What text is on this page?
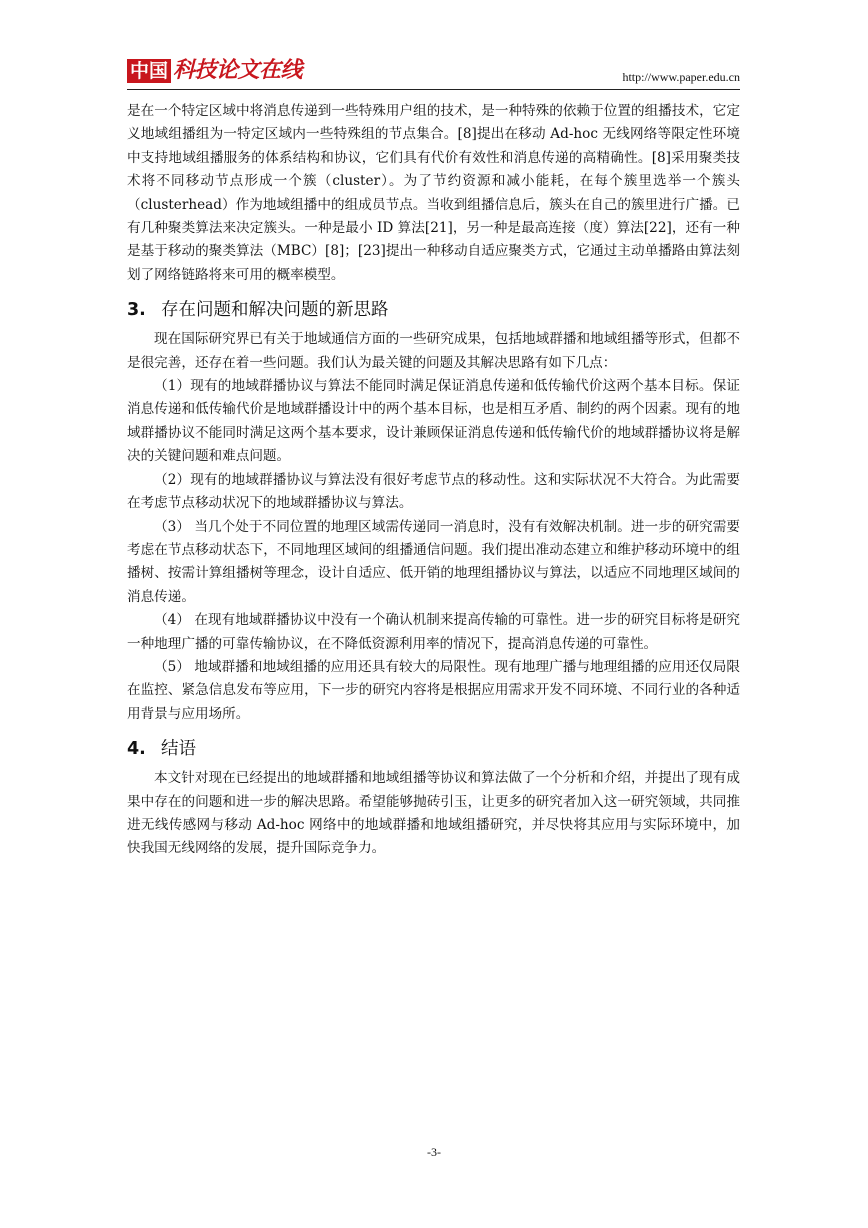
中国 科技论文在线	http://www.paper.edu.cn

是在一个特定区域中将消息传递到一些特殊用户组的技术，是一种特殊的依赖于位置的组播技术，它定义地域组播组为一特定区域内一些特殊组的节点集合。[8]提出在移动 Ad-hoc 无线网络等限定性环境中支持地域组播服务的体系结构和协议，它们具有代价有效性和消息传递的高精确性。[8]采用聚类技术将不同移动节点形成一个簇（cluster）。为了节约资源和减小能耗，在每个簇里选举一个簇头（clusterhead）作为地域组播中的组成员节点。当收到组播信息后，簇头在自己的簇里进行广播。已有几种聚类算法来决定簇头。一种是最小 ID 算法[21]，另一种是最高连接（度）算法[22]，还有一种是基于移动的聚类算法（MBC）[8]；[23]提出一种移动自适应聚类方式，它通过主动单播路由算法刻划了网络链路将来可用的概率模型。

3. 存在问题和解决问题的新思路

现在国际研究界已有关于地域通信方面的一些研究成果，包括地域群播和地域组播等形式，但都不是很完善，还存在着一些问题。我们认为最关键的问题及其解决思路有如下几点：

（1）现有的地域群播协议与算法不能同时满足保证消息传递和低传输代价这两个基本目标。保证消息传递和低传输代价是地域群播设计中的两个基本目标，也是相互矛盾、制约的两个因素。现有的地域群播协议不能同时满足这两个基本要求，设计兼顾保证消息传递和低传输代价的地域群播协议将是解决的关键问题和难点问题。

（2）现有的地域群播协议与算法没有很好考虑节点的移动性。这和实际状况不大符合。为此需要在考虑节点移动状况下的地域群播协议与算法。

（3） 当几个处于不同位置的地理区域需传递同一消息时，没有有效解决机制。进一步的研究需要考虑在节点移动状态下，不同地理区域间的组播通信问题。我们提出准动态建立和维护移动环境中的组播树、按需计算组播树等理念，设计自适应、低开销的地理组播协议与算法，以适应不同地理区域间的消息传递。

（4） 在现有地域群播协议中没有一个确认机制来提高传输的可靠性。进一步的研究目标将是研究一种地理广播的可靠传输协议，在不降低资源利用率的情况下，提高消息传递的可靠性。

（5） 地域群播和地域组播的应用还具有较大的局限性。现有地理广播与地理组播的应用还仅局限在监控、紧急信息发布等应用，下一步的研究内容将是根据应用需求开发不同环境、不同行业的各种适用背景与应用场所。

4. 结语

本文针对现在已经提出的地域群播和地域组播等协议和算法做了一个分析和介绍，并提出了现有成果中存在的问题和进一步的解决思路。希望能够抛砖引玉，让更多的研究者加入这一研究领域，共同推进无线传感网与移动 Ad-hoc 网络中的地域群播和地域组播研究，并尽快将其应用与实际环境中，加快我国无线网络的发展，提升国际竞争力。

-3-
